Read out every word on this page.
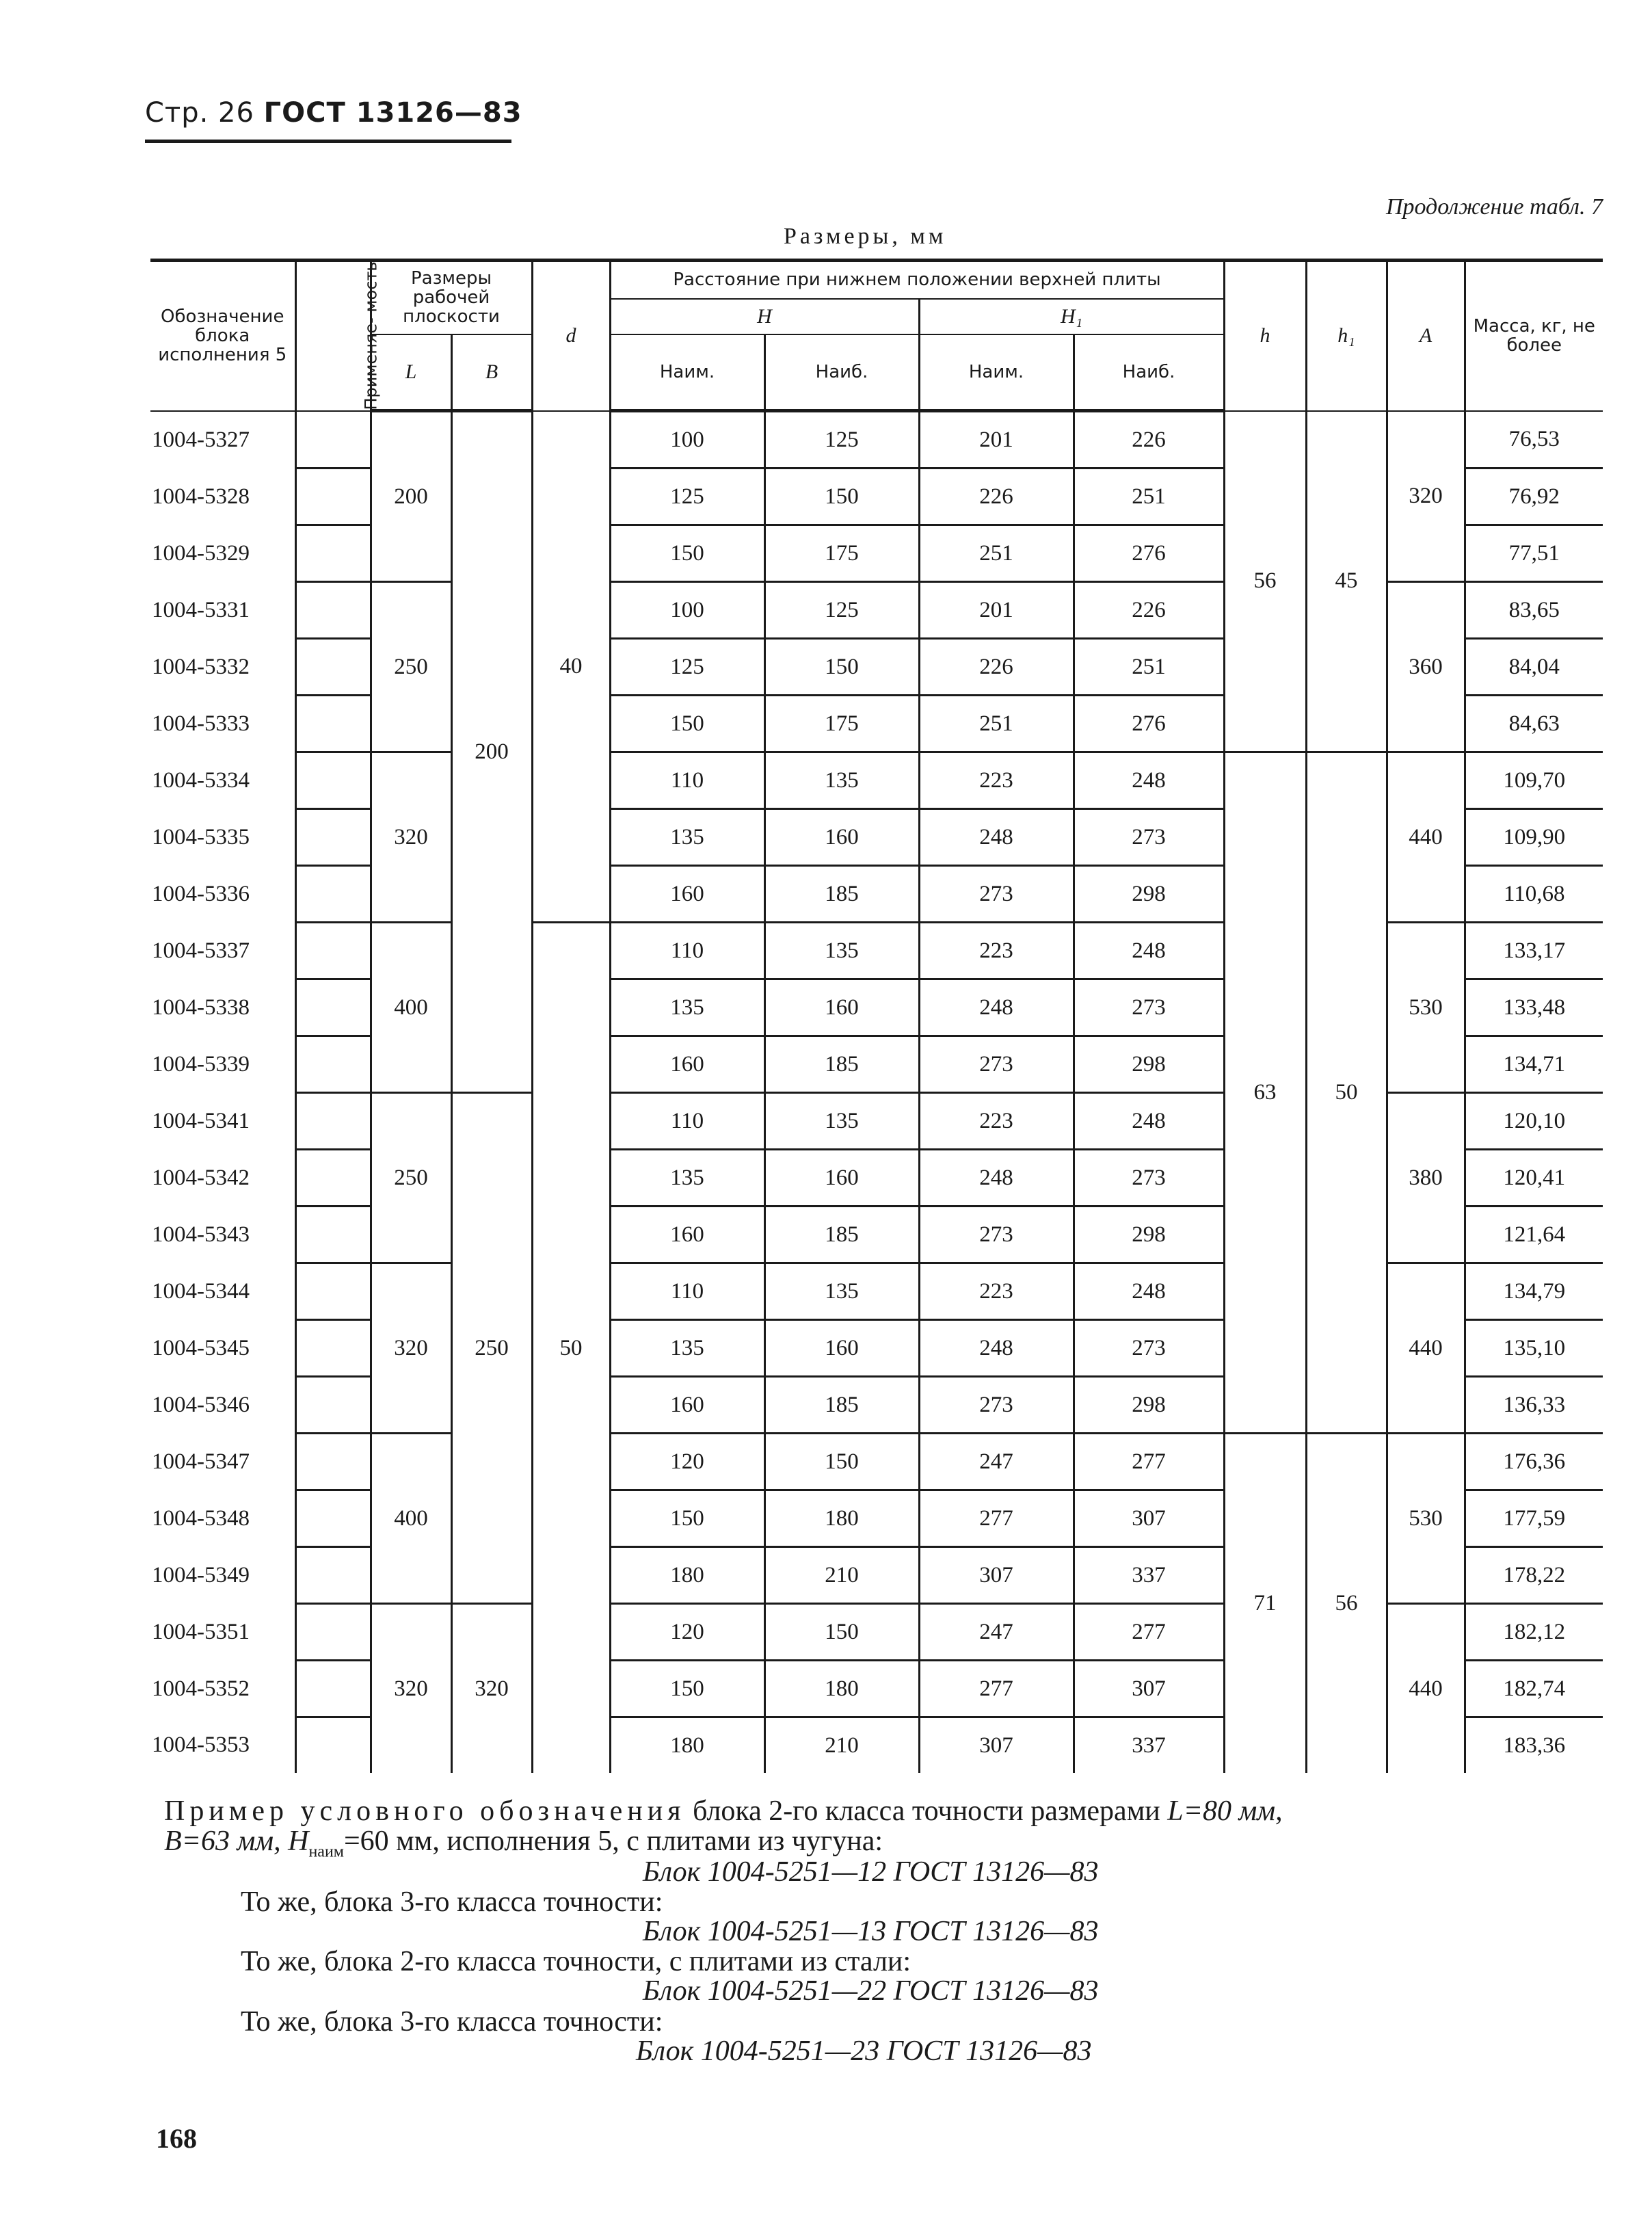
Стр. 26 ГОСТ 13126—83
Продолжение табл. 7
Размеры, мм
Обозначение блока исполнения 5	Применяе- мость	Размеры рабочей плоскости		d	Расстояние при нижнем положении верхней плиты				h	h₁	A	Масса, кг, не более
					H		H₁					
		L	B		Наим.	Наиб.	Наим.	Наиб.				
1004-5327		200	200	40	100	125	201	226	56	45	320	76,53
1004-5328					125	150	226	251				76,92
1004-5329					150	175	251	276				77,51
1004-5331		250			100	125	201	226			360	83,65
1004-5332					125	150	226	251				84,04
1004-5333					150	175	251	276				84,63
1004-5334		320			110	135	223	248	63	50	440	109,70
1004-5335					135	160	248	273				109,90
1004-5336					160	185	273	298				110,68
1004-5337		400		50	110	135	223	248			530	133,17
1004-5338					135	160	248	273				133,48
1004-5339					160	185	273	298				134,71
1004-5341		250	250		110	135	223	248			380	120,10
1004-5342					135	160	248	273				120,41
1004-5343					160	185	273	298				121,64
1004-5344		320			110	135	223	248			440	134,79
1004-5345					135	160	248	273				135,10
1004-5346					160	185	273	298				136,33
1004-5347		400			120	150	247	277	71	56	530	176,36
1004-5348					150	180	277	307				177,59
1004-5349					180	210	307	337				178,22
1004-5351		320	320		120	150	247	277			440	182,12
1004-5352					150	180	277	307				182,74
1004-5353					180	210	307	337				183,36
Пример условного обозначения блока 2-го класса точности размерами L=80 мм,
B=63 мм, $H_{наим}=60$ мм, исполнения 5, с плитами из чугуна:
Блок 1004-5251—12 ГОСТ 13126—83
То же, блока 3-го класса точности:
Блок 1004-5251—13 ГОСТ 13126—83
То же, блока 2-го класса точности, с плитами из стали:
Блок 1004-5251—22 ГОСТ 13126—83
То же, блока 3-го класса точности:
Блок 1004-5251—23 ГОСТ 13126—83
168
